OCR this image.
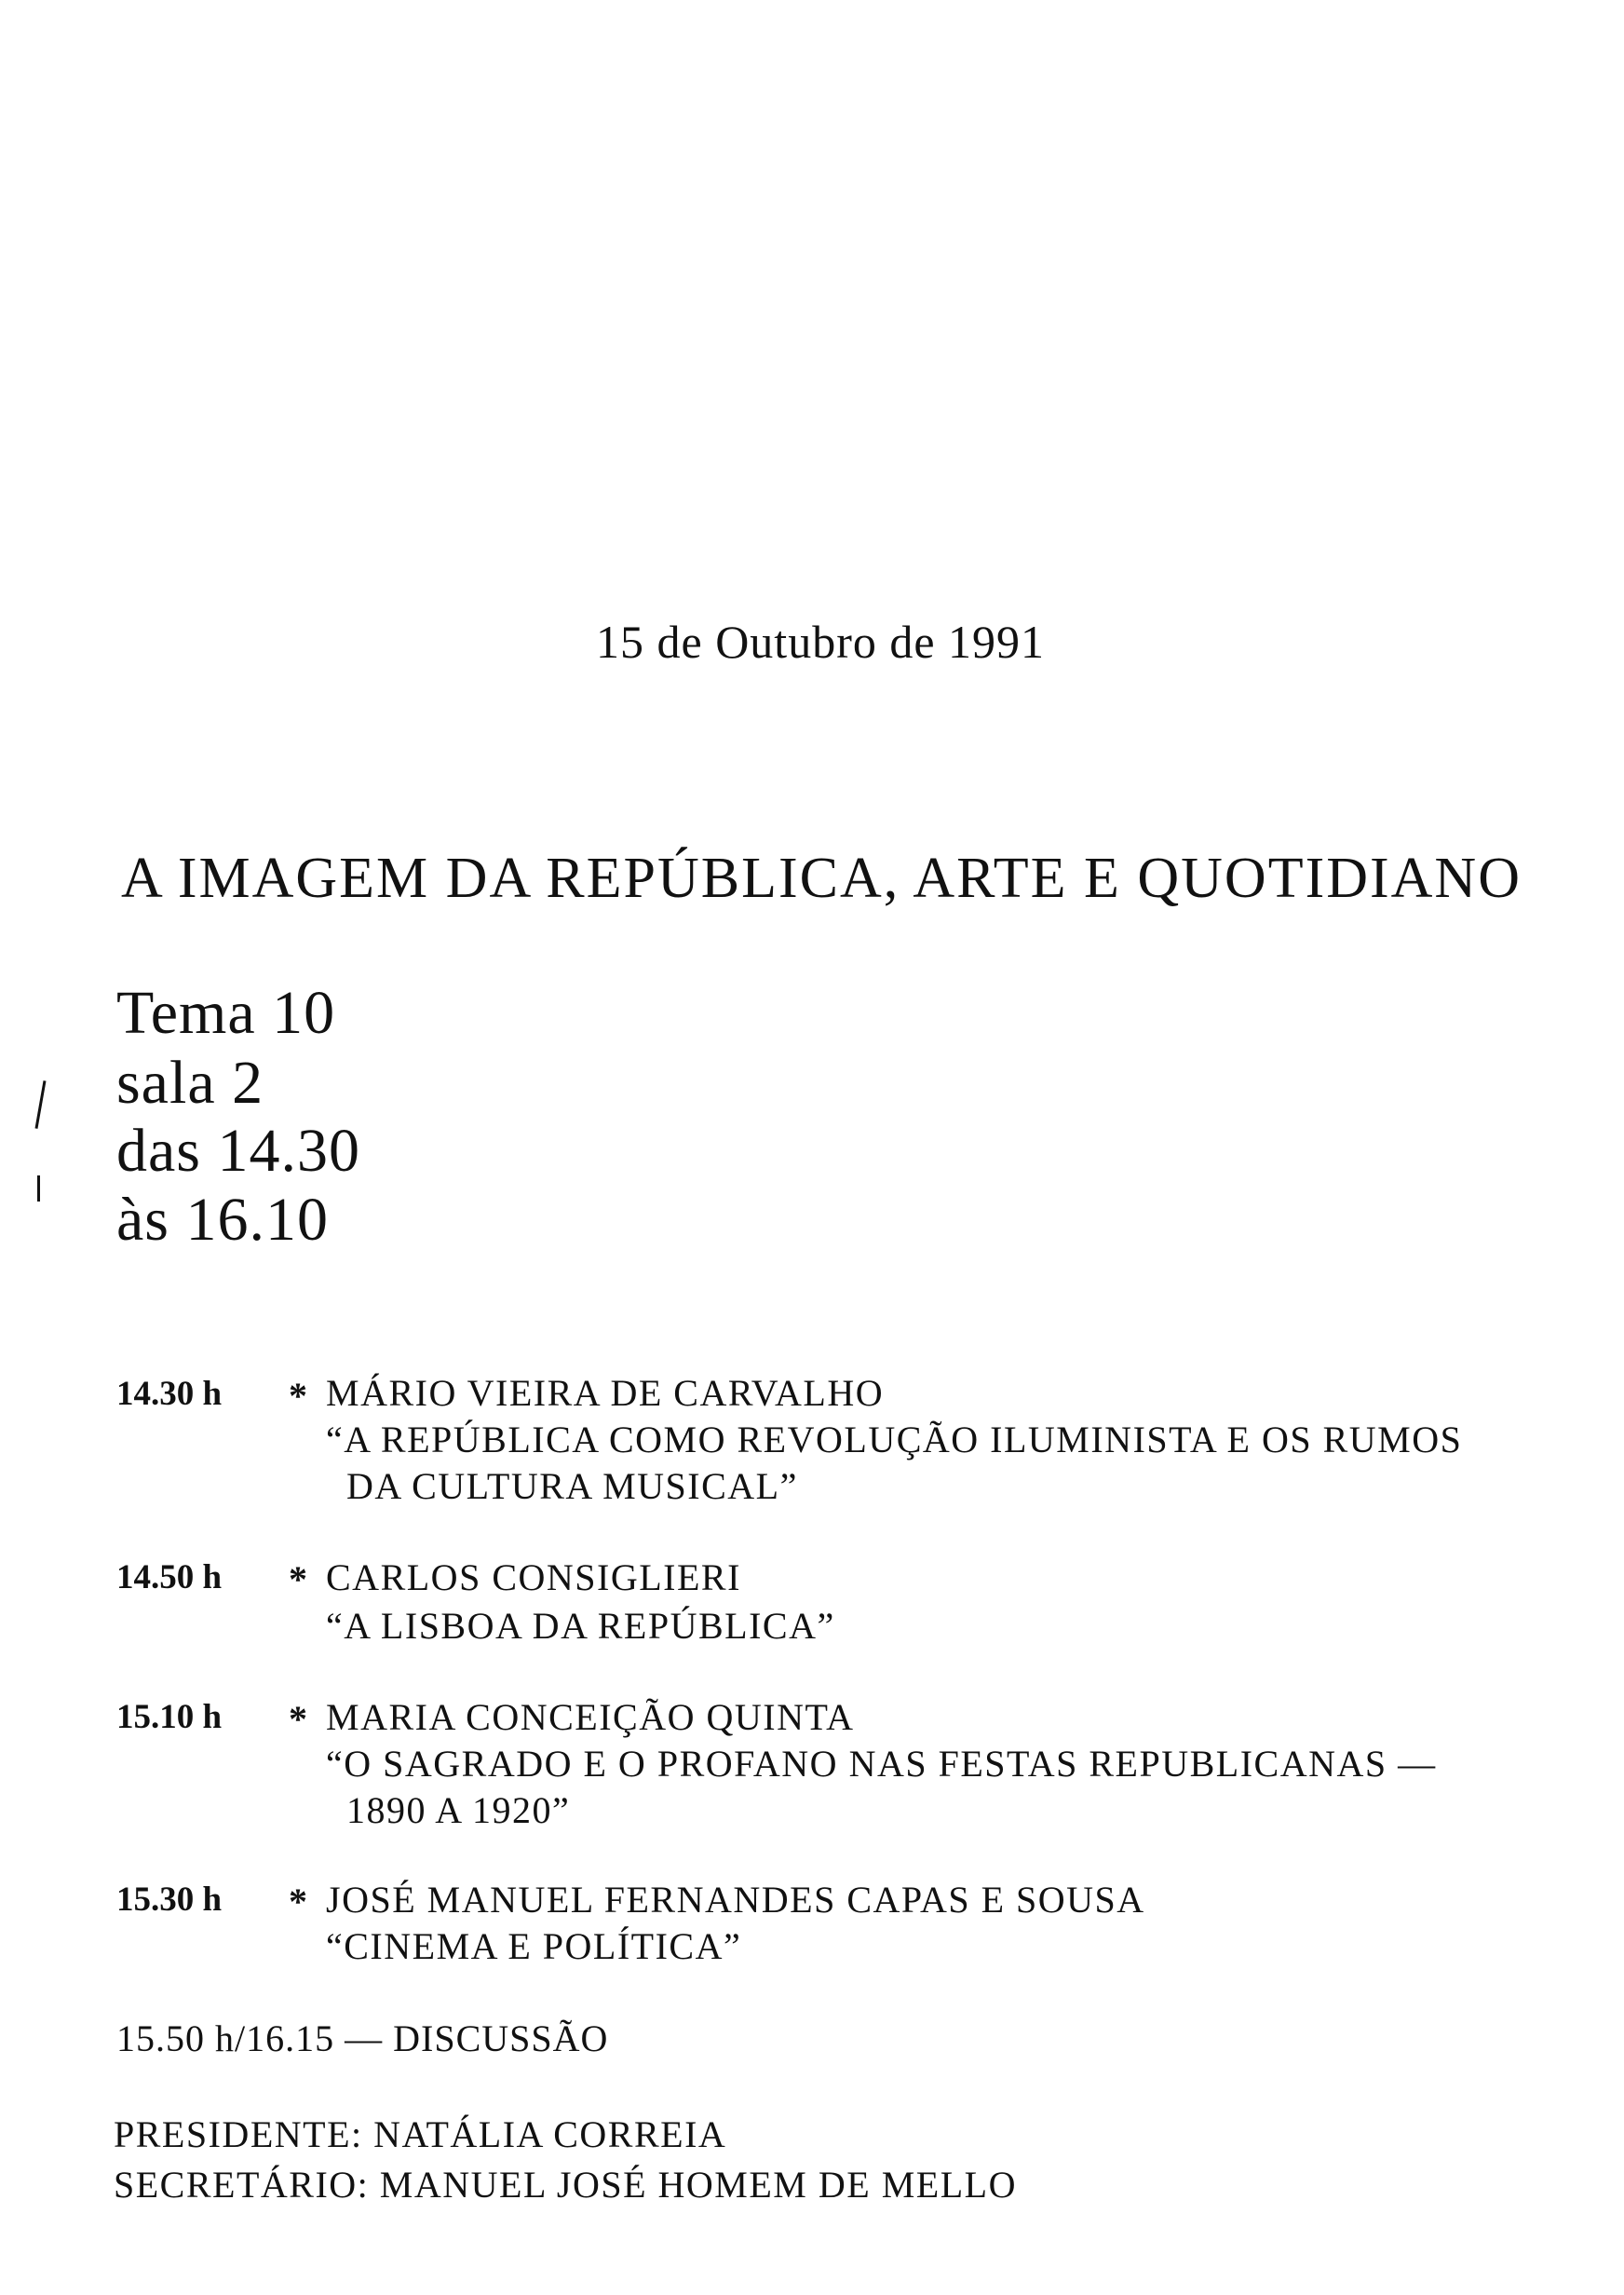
15 de Outubro de 1991
A IMAGEM DA REPÚBLICA, ARTE E QUOTIDIANO
Tema 10
sala 2
das 14.30
às 16.10
14.30 h * MÁRIO VIEIRA DE CARVALHO
“A REPÚBLICA COMO REVOLUÇÃO ILUMINISTA E OS RUMOS
DA CULTURA MUSICAL”
14.50 h * CARLOS CONSIGLIERI
“A LISBOA DA REPÚBLICA”
15.10 h * MARIA CONCEIÇÃO QUINTA
“O SAGRADO E O PROFANO NAS FESTAS REPUBLICANAS —
1890 A 1920”
15.30 h * JOSÉ MANUEL FERNANDES CAPAS E SOUSA
“CINEMA E POLÍTICA”
15.50 h/16.15 — DISCUSSÃO
PRESIDENTE: NATÁLIA CORREIA
SECRETÁRIO: MANUEL JOSÉ HOMEM DE MELLO
